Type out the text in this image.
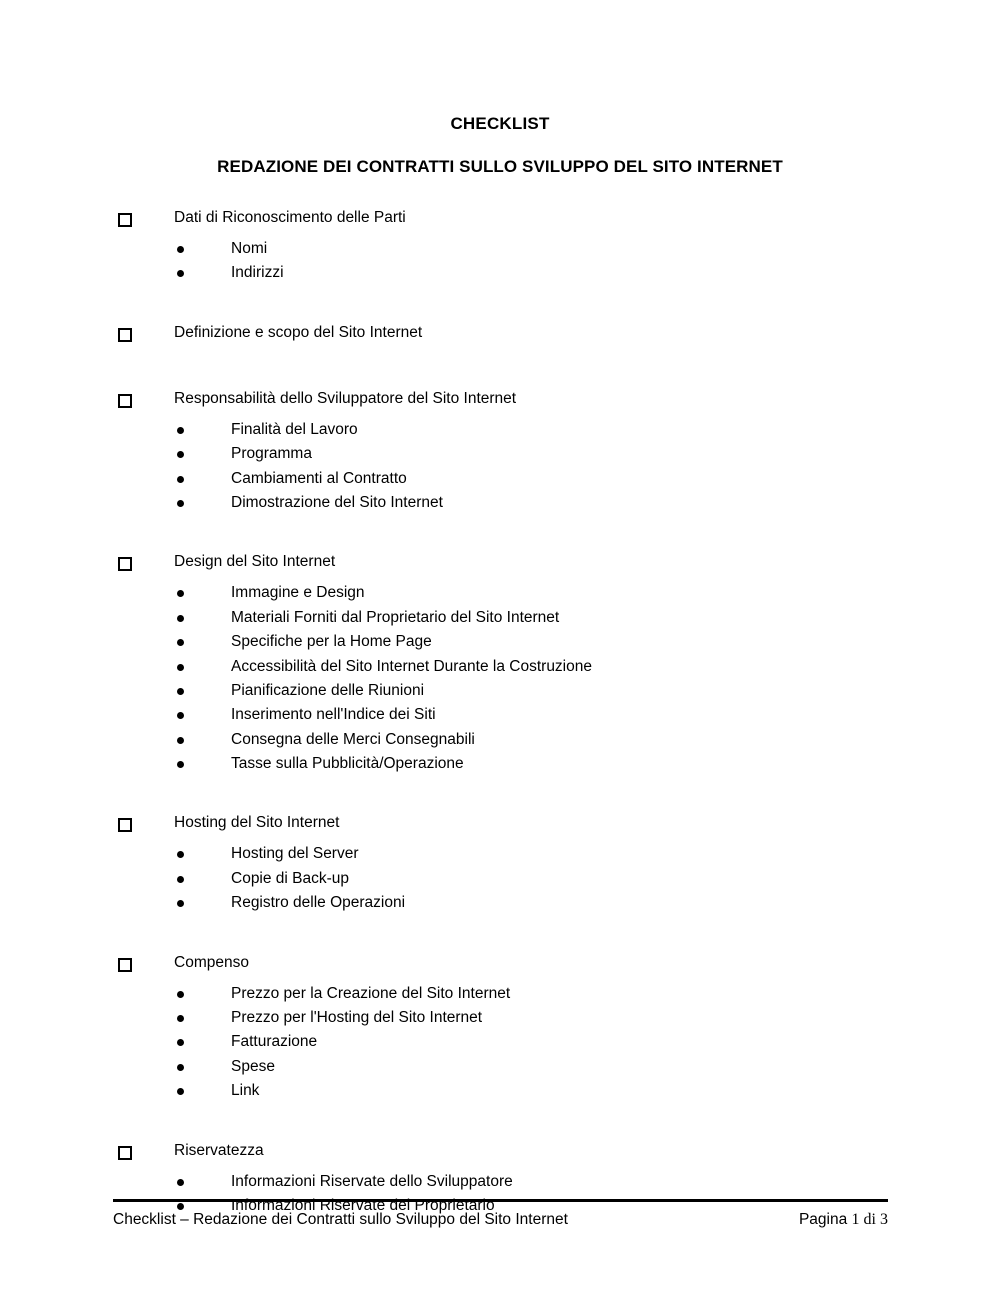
CHECKLIST
REDAZIONE DEI CONTRATTI SULLO SVILUPPO DEL SITO INTERNET
Dati di Riconoscimento delle Parti
Nomi
Indirizzi
Definizione e scopo del Sito Internet
Responsabilità dello Sviluppatore del Sito Internet
Finalità del Lavoro
Programma
Cambiamenti al Contratto
Dimostrazione del Sito Internet
Design del Sito Internet
Immagine e Design
Materiali Forniti dal Proprietario del Sito Internet
Specifiche per la Home Page
Accessibilità del Sito Internet Durante la Costruzione
Pianificazione delle Riunioni
Inserimento nell'Indice dei Siti
Consegna delle Merci Consegnabili
Tasse sulla Pubblicità/Operazione
Hosting del Sito Internet
Hosting del Server
Copie di Back-up
Registro delle Operazioni
Compenso
Prezzo per la Creazione del Sito Internet
Prezzo per l'Hosting del Sito Internet
Fatturazione
Spese
Link
Riservatezza
Informazioni Riservate dello Sviluppatore
Informazioni Riservate del Proprietario
Checklist – Redazione dei Contratti sullo Sviluppo del Sito Internet	Pagina 1 di 3
